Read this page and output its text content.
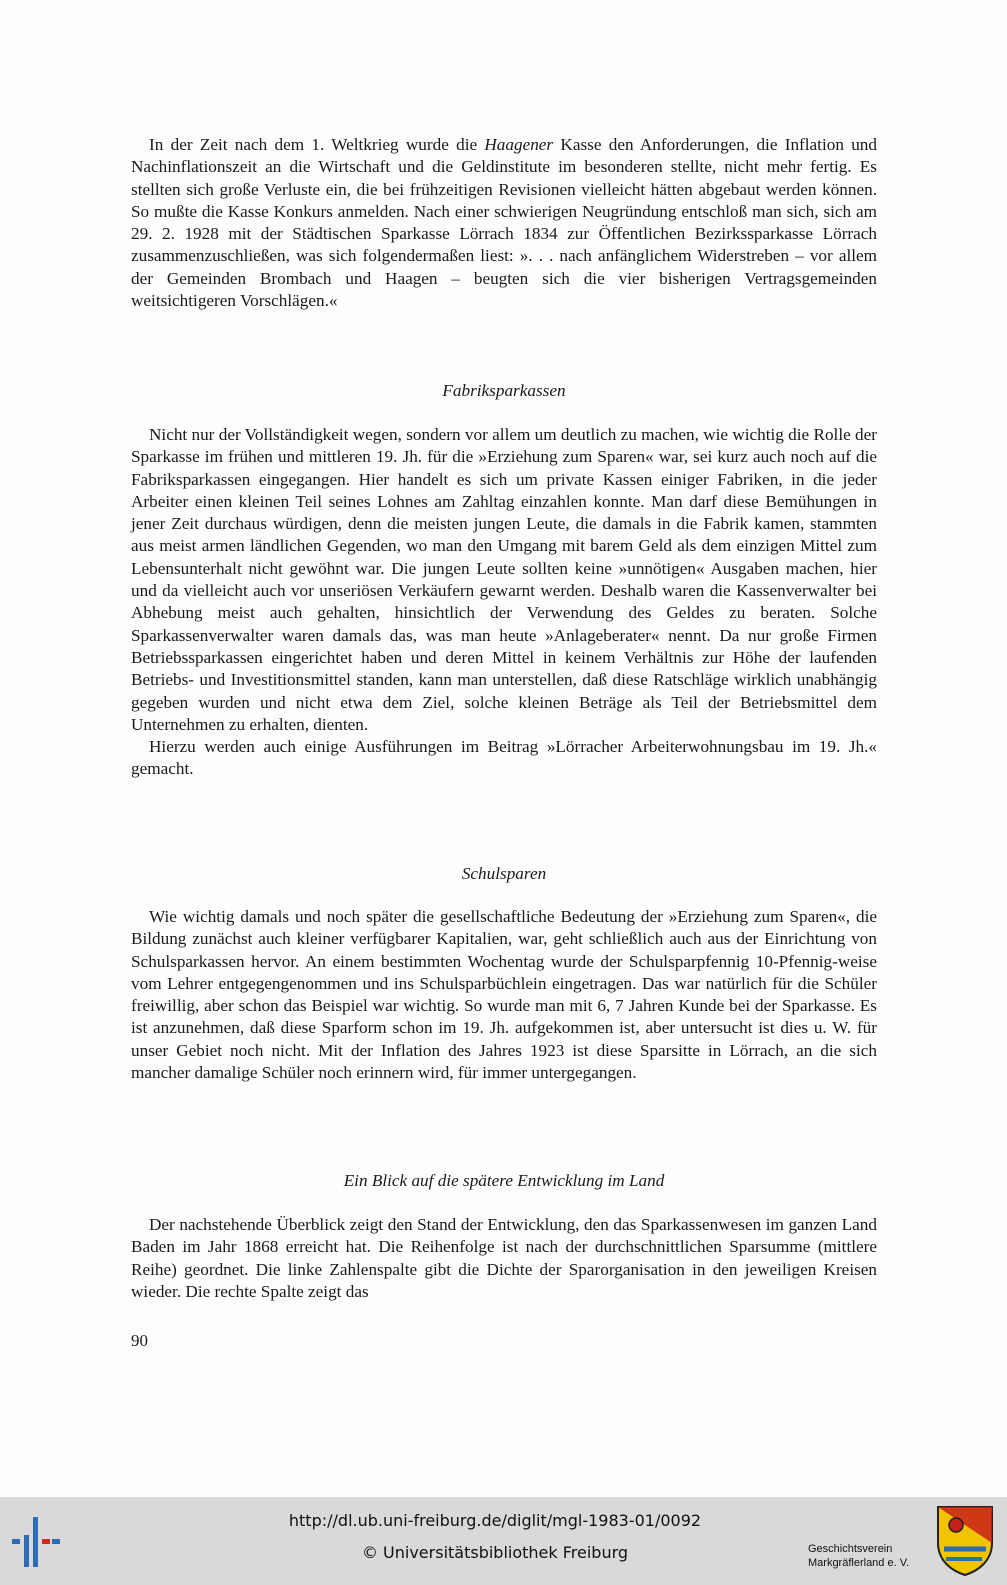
In der Zeit nach dem 1. Weltkrieg wurde die Haagener Kasse den Anforderungen, die Inflation und Nachinflationszeit an die Wirtschaft und die Geldinstitute im besonderen stellte, nicht mehr fertig. Es stellten sich große Verluste ein, die bei frühzeitigen Revisionen vielleicht hätten abgebaut werden können. So mußte die Kasse Konkurs anmelden. Nach einer schwierigen Neugründung entschloß man sich, sich am 29. 2. 1928 mit der Städtischen Sparkasse Lörrach 1834 zur Öffentlichen Bezirkssparkasse Lörrach zusammenzuschließen, was sich folgendermaßen liest: ». . . nach anfänglichem Widerstreben – vor allem der Gemeinden Brombach und Haagen – beugten sich die vier bisherigen Vertragsgemeinden weitsichtigeren Vorschlägen.«

Fabriksparkassen

Nicht nur der Vollständigkeit wegen, sondern vor allem um deutlich zu machen, wie wichtig die Rolle der Sparkasse im frühen und mittleren 19. Jh. für die »Erziehung zum Sparen« war, sei kurz auch noch auf die Fabriksparkassen eingegangen. Hier handelt es sich um private Kassen einiger Fabriken, in die jeder Arbeiter einen kleinen Teil seines Lohnes am Zahltag einzahlen konnte. Man darf diese Bemühungen in jener Zeit durchaus würdigen, denn die meisten jungen Leute, die damals in die Fabrik kamen, stammten aus meist armen ländlichen Gegenden, wo man den Umgang mit barem Geld als dem einzigen Mittel zum Lebensunterhalt nicht gewöhnt war. Die jungen Leute sollten keine »unnötigen« Ausgaben machen, hier und da vielleicht auch vor unseriösen Verkäufern gewarnt werden. Deshalb waren die Kassenverwalter bei Abhebung meist auch gehalten, hinsichtlich der Verwendung des Geldes zu beraten. Solche Sparkassenverwalter waren damals das, was man heute »Anlageberater« nennt. Da nur große Firmen Betriebssparkassen eingerichtet haben und deren Mittel in keinem Verhältnis zur Höhe der laufenden Betriebs- und Investitionsmittel standen, kann man unterstellen, daß diese Ratschläge wirklich unabhängig gegeben wurden und nicht etwa dem Ziel, solche kleinen Beträge als Teil der Betriebsmittel dem Unternehmen zu erhalten, dienten.

Hierzu werden auch einige Ausführungen im Beitrag »Lörracher Arbeiterwohnungsbau im 19. Jh.« gemacht.

Schulsparen

Wie wichtig damals und noch später die gesellschaftliche Bedeutung der »Erziehung zum Sparen«, die Bildung zunächst auch kleiner verfügbarer Kapitalien, war, geht schließlich auch aus der Einrichtung von Schulsparkassen hervor. An einem bestimmten Wochentag wurde der Schulsparpfennig 10-Pfennig-weise vom Lehrer entgegengenommen und ins Schulsparbüchlein eingetragen. Das war natürlich für die Schüler freiwillig, aber schon das Beispiel war wichtig. So wurde man mit 6, 7 Jahren Kunde bei der Sparkasse. Es ist anzunehmen, daß diese Sparform schon im 19. Jh. aufgekommen ist, aber untersucht ist dies u. W. für unser Gebiet noch nicht. Mit der Inflation des Jahres 1923 ist diese Sparsitte in Lörrach, an die sich mancher damalige Schüler noch erinnern wird, für immer untergegangen.

Ein Blick auf die spätere Entwicklung im Land

Der nachstehende Überblick zeigt den Stand der Entwicklung, den das Sparkassenwesen im ganzen Land Baden im Jahr 1868 erreicht hat. Die Reihenfolge ist nach der durchschnittlichen Sparsumme (mittlere Reihe) geordnet. Die linke Zahlenspalte gibt die Dichte der Sparorganisation in den jeweiligen Kreisen wieder. Die rechte Spalte zeigt das

90
http://dl.ub.uni-freiburg.de/diglit/mgl-1983-01/0092
© Universitätsbibliothek Freiburg	Geschichtsverein
Markgräflerland e. V.
